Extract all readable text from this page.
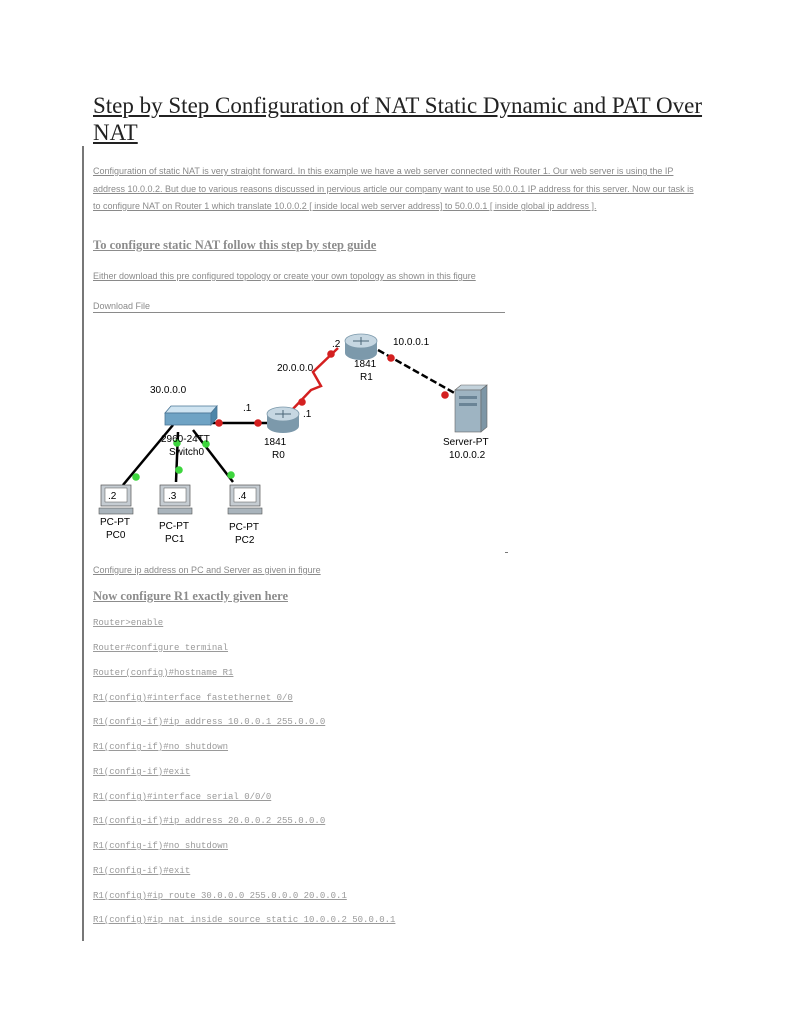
Step by Step Configuration of NAT Static Dynamic and PAT Over NAT

Configuration of static NAT is very straight forward. In this example we have a web server connected with Router 1. Our web server is using the IP address 10.0.0.2. But due to various reasons discussed in pervious article our company want to use 50.0.0.1 IP address for this server. Now our task is to configure NAT on Router 1 which translate 10.0.0.2 [ inside local web server address] to 50.0.0.1 [ inside global ip address ].

To configure static NAT follow this step by step guide

Either download this pre configured topology or create your own topology as shown in this figure

Download File
30.0.0.0
20.0.0.0
10.0.0.1
.1
.1
.2
2960-24TT
Switch0
1841
R0
1841
R1
Server-PT
10.0.0.2
.2	.3	.4
PC-PT
PC0
PC-PT
PC1
PC-PT
PC2

Configure ip address on PC and Server as given in figure

Now configure R1 exactly given here

Router>enable

Router#configure terminal

Router(config)#hostname R1

R1(config)#interface fastethernet 0/0

R1(config-if)#ip address 10.0.0.1 255.0.0.0

R1(config-if)#no shutdown

R1(config-if)#exit

R1(config)#interface serial 0/0/0

R1(config-if)#ip address 20.0.0.2 255.0.0.0

R1(config-if)#no shutdown

R1(config-if)#exit

R1(config)#ip route 30.0.0.0 255.0.0.0 20.0.0.1

R1(config)#ip nat inside source static 10.0.0.2 50.0.0.1
